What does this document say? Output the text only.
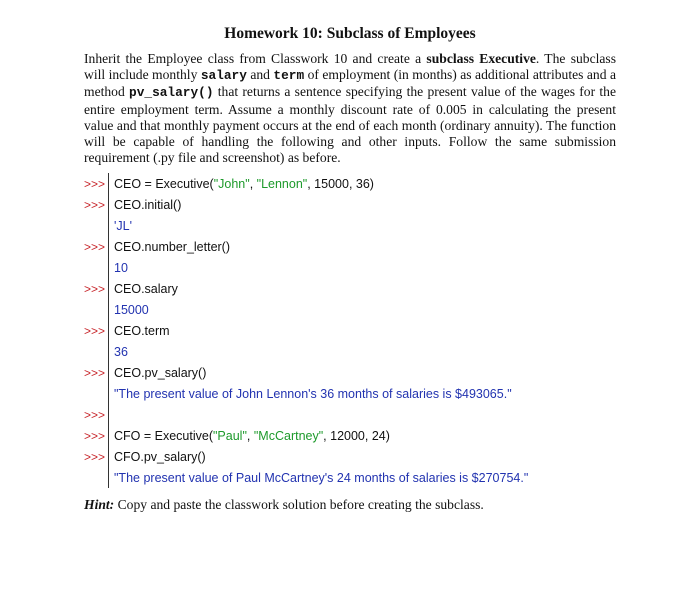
Homework 10: Subclass of Employees
Inherit the Employee class from Classwork 10 and create a subclass Executive. The subclass will include monthly salary and term of employment (in months) as additional attributes and a method pv_salary() that returns a sentence specifying the present value of the wages for the entire employment term. Assume a monthly discount rate of 0.005 in calculating the present value and that monthly payment occurs at the end of each month (ordinary annuity). The function will be capable of handling the following and other inputs. Follow the same submission requirement (.py file and screenshot) as before.
>>> CEO = Executive( "John" , "Lennon" , 15000, 36)
>>> CEO.initial()
'JL'
>>> CEO.number_letter()
10
>>> CEO.salary
15000
>>> CEO.term
36
>>> CEO.pv_salary()
"The present value of John Lennon's 36 months of salaries is $493065."
>>>
>>> CFO = Executive( "Paul" , "McCartney" , 12000, 24)
>>> CFO.pv_salary()
"The present value of Paul McCartney's 24 months of salaries is $270754."
Hint: Copy and paste the classwork solution before creating the subclass.
